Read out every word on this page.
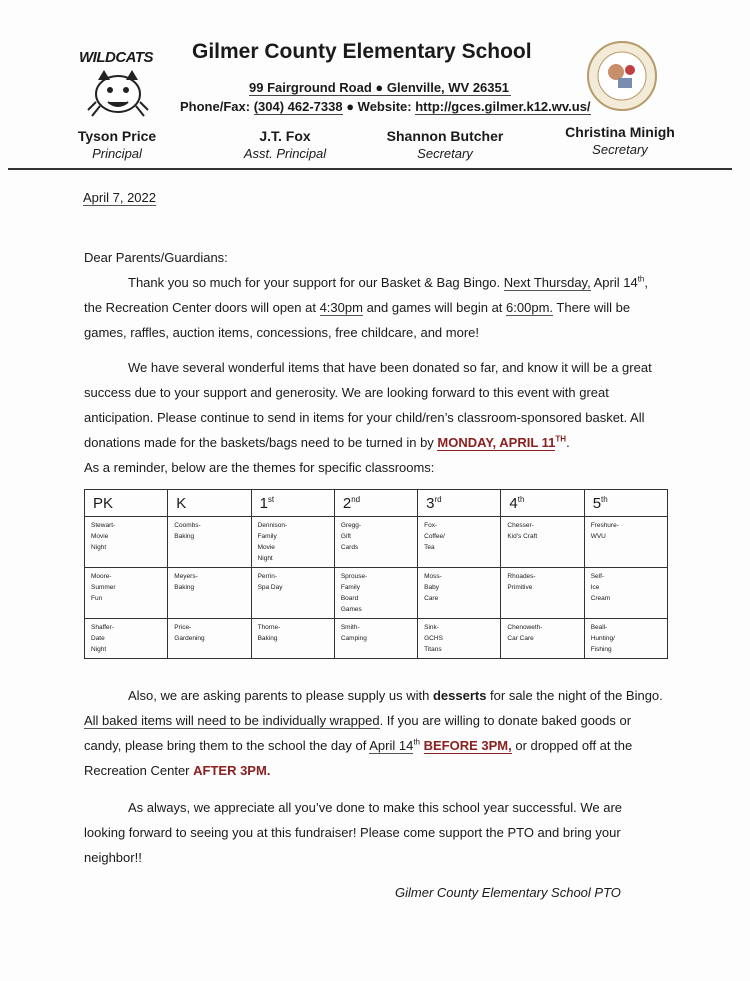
WILDCATS Gilmer County Elementary School
99 Fairground Road ● Glenville, WV 26351
Phone/Fax: (304) 462-7338 ● Website: http://gces.gilmer.k12.wv.us/
Tyson Price
Principal
J.T. Fox
Asst. Principal
Shannon Butcher
Secretary
Christina Minigh
Secretary
April 7, 2022
Dear Parents/Guardians:
Thank you so much for your support for our Basket & Bag Bingo. Next Thursday, April 14th, the Recreation Center doors will open at 4:30pm and games will begin at 6:00pm. There will be games, raffles, auction items, concessions, free childcare, and more!
We have several wonderful items that have been donated so far, and know it will be a great success due to your support and generosity. We are looking forward to this event with great anticipation. Please continue to send in items for your child/ren’s classroom-sponsored basket. All donations made for the baskets/bags need to be turned in by MONDAY, APRIL 11TH.
As a reminder, below are the themes for specific classrooms:
PK	K	1st	2nd	3rd	4th	5th
Stewart-
Movie
Night	Coombs-
Baking	Dennison-
Family
Movie
Night	Gregg-
Gift
Cards	Fox-
Coffee/
Tea	Chesser-
Kid's Craft	Freshure-
WVU
Moore-
Summer
Fun	Meyers-
Baking	Perrin-
Spa Day	Sprouse-
Family
Board
Games	Moss-
Baby
Care	Rhoades-
Primitive	Self-
Ice
Cream
Shaffer-
Date
Night	Price-
Gardening	Thorne-
Baking	Smith-
Camping	Sink-
GCHS
Titans	Chenoweth-
Car Care	Beall-
Hunting/
Fishing
Also, we are asking parents to please supply us with desserts for sale the night of the Bingo. All baked items will need to be individually wrapped. If you are willing to donate baked goods or candy, please bring them to the school the day of April 14th BEFORE 3PM, or dropped off at the Recreation Center AFTER 3PM.
As always, we appreciate all you’ve done to make this school year successful. We are looking forward to seeing you at this fundraiser! Please come support the PTO and bring your neighbor!!
Gilmer County Elementary School PTO
